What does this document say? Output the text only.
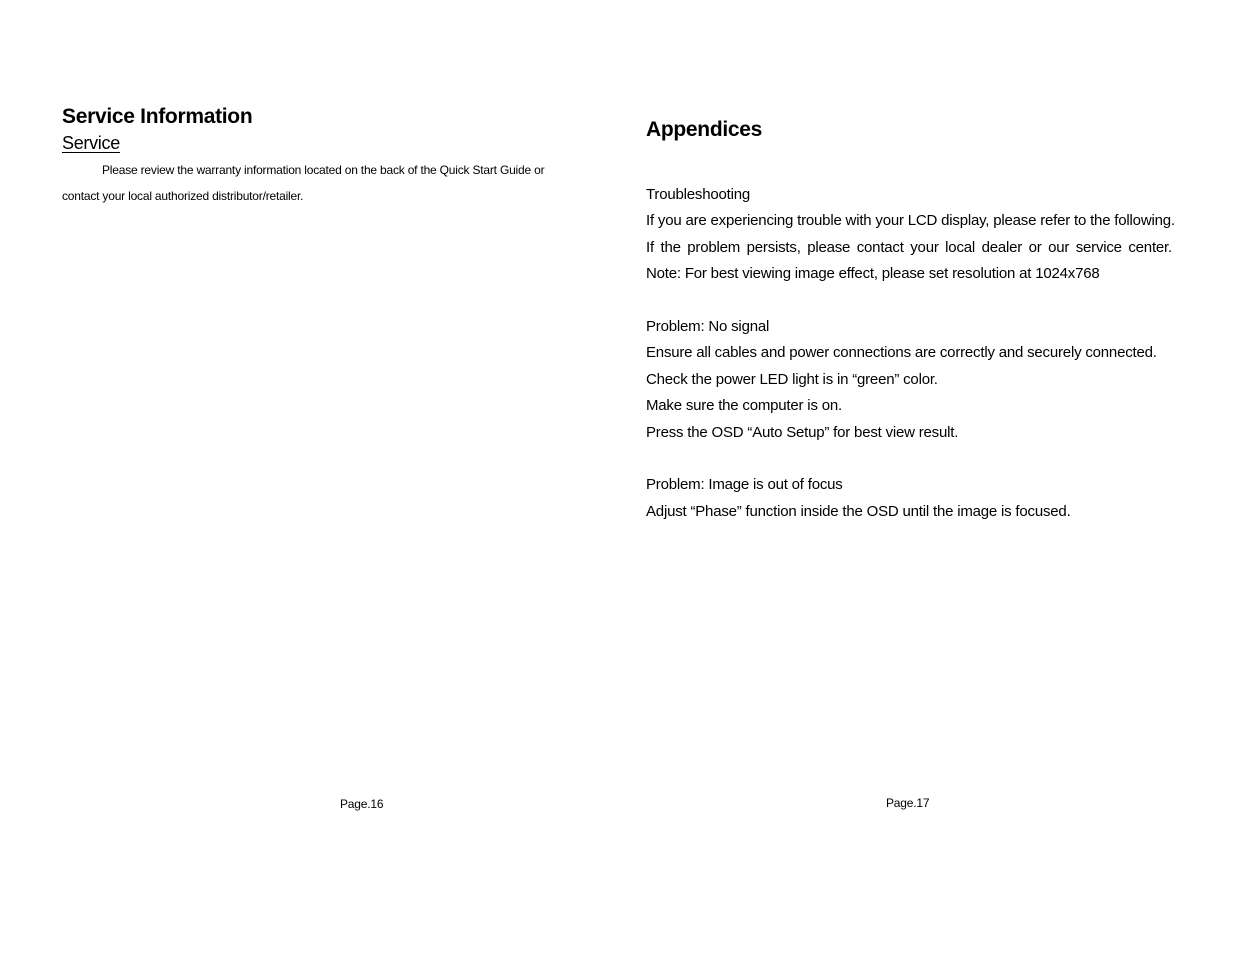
Service Information
Service

Please review the warranty information located on the back of the Quick Start Guide or contact your local authorized distributor/retailer.

Appendices
Troubleshooting
If you are experiencing trouble with your LCD display, please refer to the following.
If the problem persists, please contact your local dealer or our service center.
Note: For best viewing image effect, please set resolution at 1024x768
Problem: No signal
Ensure all cables and power connections are correctly and securely connected.
Check the power LED light is in “green” color.
Make sure the computer is on.
Press the OSD “Auto Setup” for best view result.
Problem: Image is out of focus
Adjust “Phase” function inside the OSD until the image is focused.
Page.16	Page.17
